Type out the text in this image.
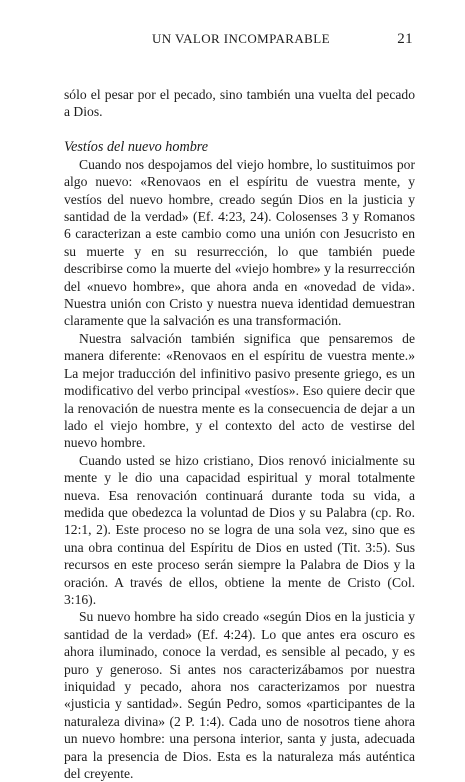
UN VALOR INCOMPARABLE	21

sólo el pesar por el pecado, sino también una vuelta del pecado a Dios.

Vestíos del nuevo hombre

Cuando nos despojamos del viejo hombre, lo sustituimos por algo nuevo: «Renovaos en el espíritu de vuestra mente, y vestíos del nuevo hombre, creado según Dios en la justicia y santidad de la verdad» (Ef. 4:23, 24). Colosenses 3 y Romanos 6 caracterizan a este cambio como una unión con Jesucristo en su muerte y en su resurrección, lo que también puede describirse como la muerte del «viejo hombre» y la resurrección del «nuevo hombre», que ahora anda en «novedad de vida». Nuestra unión con Cristo y nuestra nueva identidad demuestran claramente que la salvación es una transformación.

Nuestra salvación también significa que pensaremos de manera diferente: «Renovaos en el espíritu de vuestra mente.» La mejor traducción del infinitivo pasivo presente griego, es un modificativo del verbo principal «vestíos». Eso quiere decir que la renovación de nuestra mente es la consecuencia de dejar a un lado el viejo hombre, y el contexto del acto de vestirse del nuevo hombre.

Cuando usted se hizo cristiano, Dios renovó inicialmente su mente y le dio una capacidad espiritual y moral totalmente nueva. Esa renovación continuará durante toda su vida, a medida que obedezca la voluntad de Dios y su Palabra (cp. Ro. 12:1, 2). Este proceso no se logra de una sola vez, sino que es una obra continua del Espíritu de Dios en usted (Tit. 3:5). Sus recursos en este proceso serán siempre la Palabra de Dios y la oración. A través de ellos, obtiene la mente de Cristo (Col. 3:16).

Su nuevo hombre ha sido creado «según Dios en la justicia y santidad de la verdad» (Ef. 4:24). Lo que antes era oscuro es ahora iluminado, conoce la verdad, es sensible al pecado, y es puro y generoso. Si antes nos caracterizábamos por nuestra iniquidad y pecado, ahora nos caracterizamos por nuestra «justicia y santidad». Según Pedro, somos «participantes de la naturaleza divina» (2 P. 1:4). Cada uno de nosotros tiene ahora un nuevo hombre: una persona interior, santa y justa, adecuada para la presencia de Dios. Esta es la naturaleza más auténtica del creyente.
